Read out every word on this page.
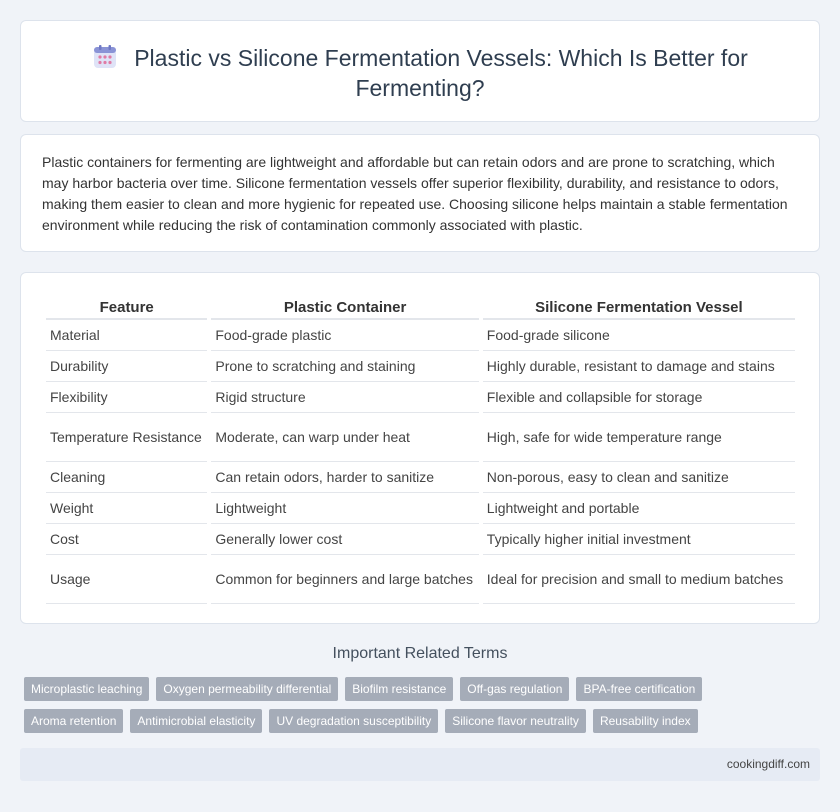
Plastic vs Silicone Fermentation Vessels: Which Is Better for Fermenting?

Plastic containers for fermenting are lightweight and affordable but can retain odors and are prone to scratching, which may harbor bacteria over time. Silicone fermentation vessels offer superior flexibility, durability, and resistance to odors, making them easier to clean and more hygienic for repeated use. Choosing silicone helps maintain a stable fermentation environment while reducing the risk of contamination commonly associated with plastic.

Feature	Plastic Container	Silicone Fermentation Vessel
Material	Food-grade plastic	Food-grade silicone
Durability	Prone to scratching and staining	Highly durable, resistant to damage and stains
Flexibility	Rigid structure	Flexible and collapsible for storage
Temperature Resistance	Moderate, can warp under heat	High, safe for wide temperature range
Cleaning	Can retain odors, harder to sanitize	Non-porous, easy to clean and sanitize
Weight	Lightweight	Lightweight and portable
Cost	Generally lower cost	Typically higher initial investment
Usage	Common for beginners and large batches	Ideal for precision and small to medium batches
Important Related Terms
Microplastic leaching	Oxygen permeability differential	Biofilm resistance	Off-gas regulation	BPA-free certification
Aroma retention	Antimicrobial elasticity	UV degradation susceptibility	Silicone flavor neutrality	Reusability index
cookingdiff.com
